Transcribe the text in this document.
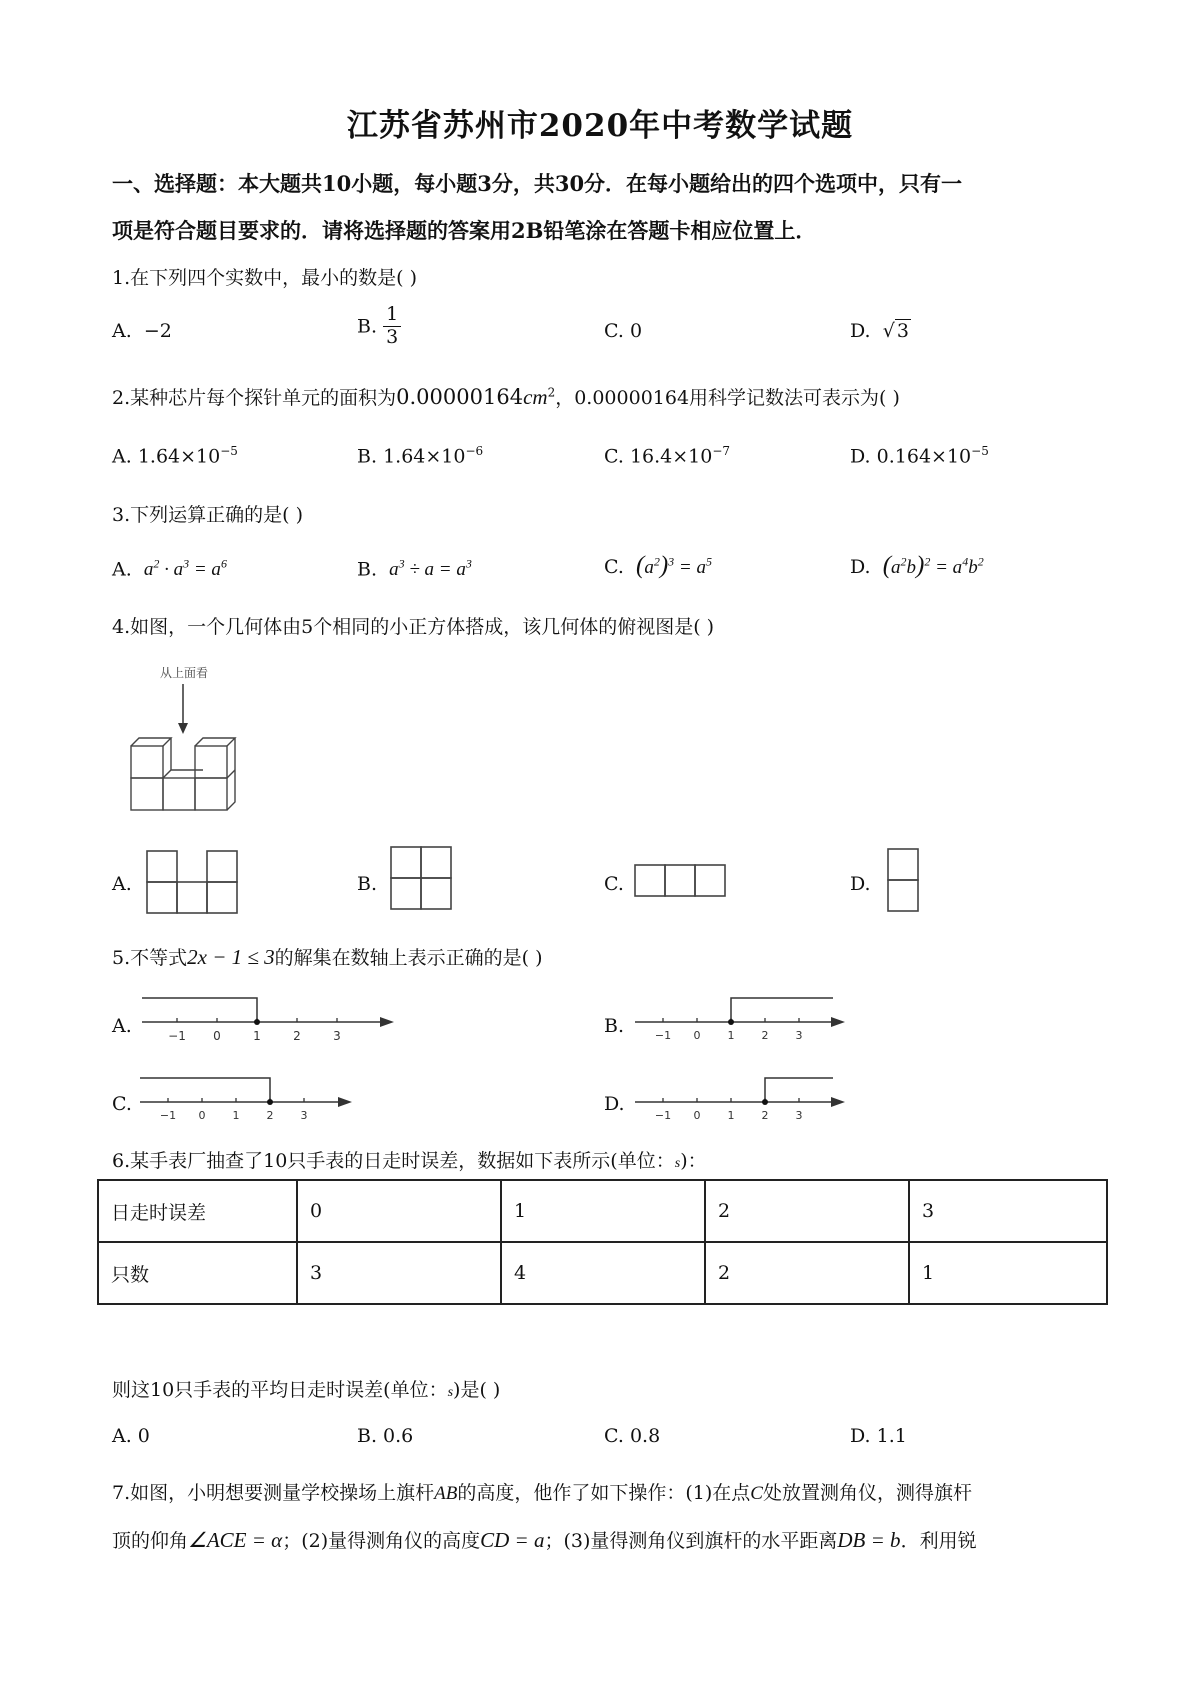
江苏省苏州市2020年中考数学试题
一、选择题：本大题共10小题，每小题3分，共30分．在每小题给出的四个选项中，只有一
项是符合题目要求的．请将选择题的答案用2B铅笔涂在答题卡相应位置上．
1.在下列四个实数中，最小的数是( )
A. −2	B. $\frac{1}{3}$	C. 0	D. √ 3
2.某种芯片每个探针单元的面积为$0.00000164cm^2$，0.00000164用科学记数法可表示为( )
A. $1.64\times 10^{-5}$	B. $1.64\times 10^{-6}$	C. $16.4\times 10^{-7}$	D. $0.164\times 10^{-5}$
3.下列运算正确的是( )
A. $a^2 \cdot a^3 = a^6$	B. $a^3 \div a = a^3$	C. $(a^2)^3 = a^5$	D. $(a^2b)^2 = a^4b^2$
4.如图，一个几何体由5个相同的小正方体搭成，该几何体的俯视图是( )
从上面看
A.	B.	C.	D.
5.不等式2x − 1 ≤ 3的解集在数轴上表示正确的是( )
A.	−1 0	1	2	3	B.	−1 0 1 2 3
C.
−1 0 1 2 3
D.
−1 0 1 2 3
6.某手表厂抽查了10只手表的日走时误差，数据如下表所示(单位：s)：
日走时误差	0	1	2	3
只数	3	4	2	1
则这10只手表的平均日走时误差(单位：s)是( )
A. 0	B. 0.6	C. 0.8	D. 1.1
7.如图，小明想要测量学校操场上旗杆AB的高度，他作了如下操作：(1)在点C处放置测角仪，测得旗杆
顶的仰角∠ACE = α；(2)量得测角仪的高度CD = a；(3)量得测角仪到旗杆的水平距离DB = b．利用锐
